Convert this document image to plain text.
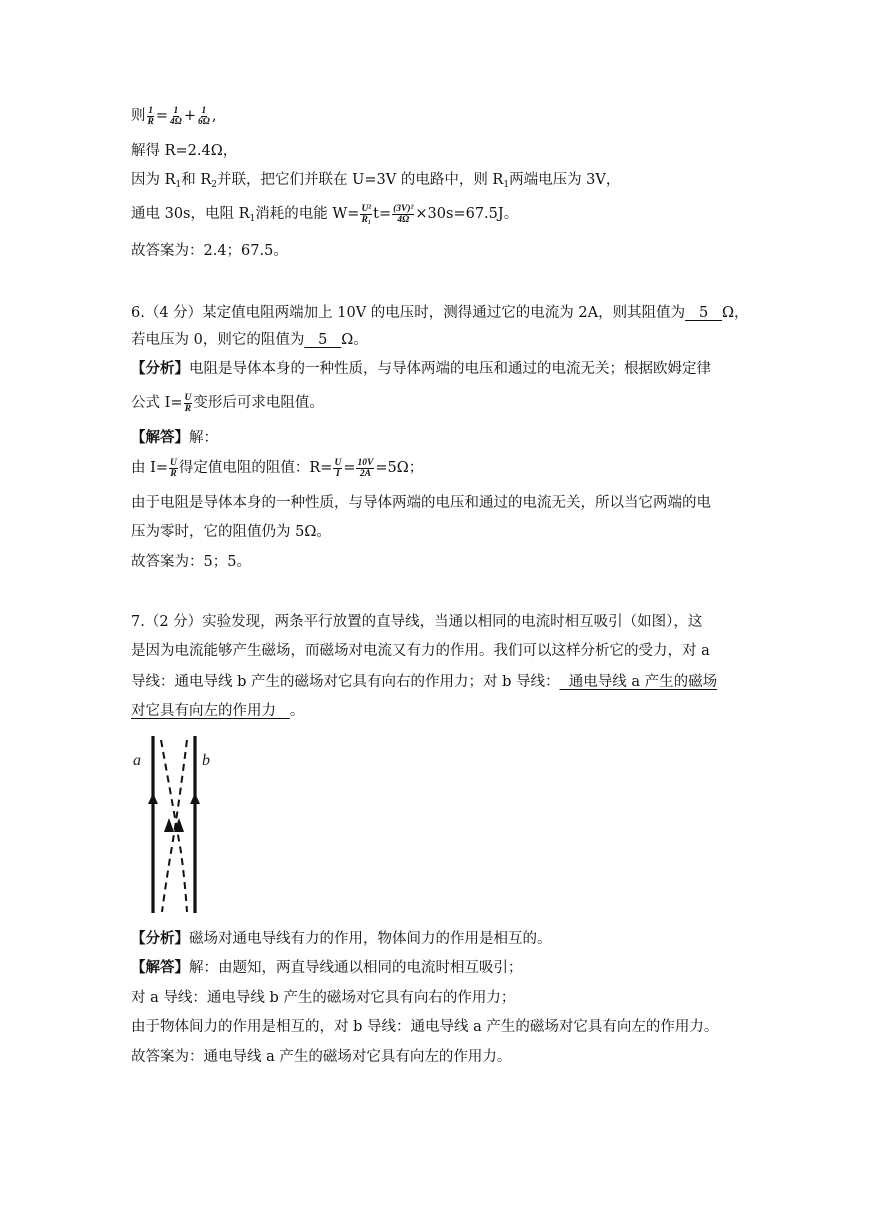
则 $\frac{1}{R} = \frac{1}{4\Omega} + \frac{1}{6\Omega}$ ,
解得 R=2.4Ω，
因为 $R_1$和 $R_2$并联，把它们并联在 U=3V 的电路中，则 $R_1$两端电压为 3V，
通电 30s，电阻 $R_1$消耗的电能 $W= \frac{\text{U²}}{\text{R₁}} t= \frac{\text{(3V)²}}{4\Omega} \times 30s=67.5J$。
故答案为：2.4；67.5。
6.（4 分）某定值电阻两端加上 10V 的电压时，测得通过它的电流为 2A，则其阻值为   5   Ω，
若电压为 0，则它的阻值为   5   Ω。
【分析】电阻是导体本身的一种性质，与导体两端的电压和通过的电流无关；根据欧姆定律
公式 $I= \frac{U}{R}$ 变形后可求电阻值。
【解答】解：
由 $I= \frac{U}{R}$ 得定值电阻的阻值：$R= \frac{U}{I} = \frac{10V}{2A} =5\Omega$；
由于电阻是导体本身的一种性质，与导体两端的电压和通过的电流无关，所以当它两端的电
压为零时，它的阻值仍为 5Ω。
故答案为：5；5。
7.（2 分）实验发现，两条平行放置的直导线，当通以相同的电流时相互吸引（如图），这
是因为电流能够产生磁场，而磁场对电流又有力的作用。我们可以这样分析它的受力，对 a
导线：通电导线 b 产生的磁场对它具有向右的作用力；对 b 导线：  通电导线 a 产生的磁场
对它具有向左的作用力   。
a	b
【分析】磁场对通电导线有力的作用，物体间力的作用是相互的。
【解答】解：由题知，两直导线通以相同的电流时相互吸引；
对 a 导线：通电导线 b 产生的磁场对它具有向右的作用力；
由于物体间力的作用是相互的，对 b 导线：通电导线 a 产生的磁场对它具有向左的作用力。
故答案为：通电导线 a 产生的磁场对它具有向左的作用力。
